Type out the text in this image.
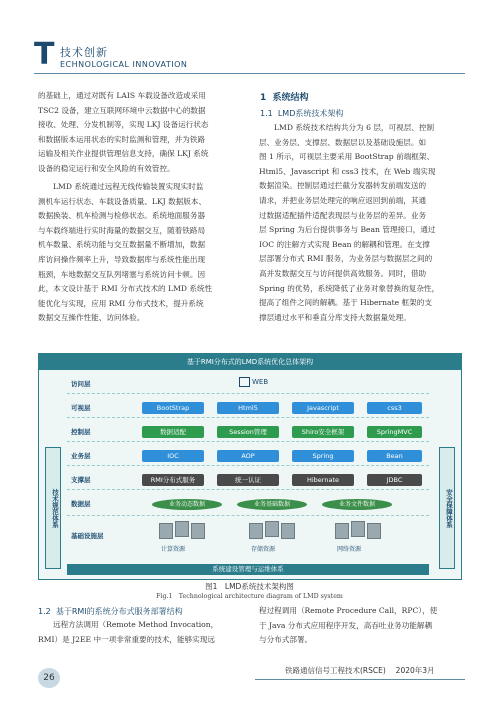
T 技术创新
ECHNOLOGICAL INNOVATION
的基础上，通过对既有 LAIS 车载设备改造或采用
TSC2 设备，建立互联网环境中云数据中心的数据
接收、处理、分发机制等，实现 LKJ 设备运行状态
和数据版本运用状态的实时监测和管理，并为铁路
运输及相关作业提供管理信息支持，确保 LKJ 系统
设备的稳定运行和安全风险的有效管控。
LMD 系统通过远程无线传输装置实现实时监
测机车运行状态、车载设备质量、LKJ 数据版本、
数据换装、机车检测与检修状态。系统地面服务器
与车载终端进行实时海量的数据交互，随着铁路局
机车数量、系统功能与交互数据量不断增加，数据
库访问操作频率上升，导致数据库与系统性能出现
瓶颈，车地数据交互队列堵塞与系统访问卡顿。因
此，本文设计基于 RMI 分布式技术的 LMD 系统性
能优化与实现，应用 RMI 分布式技术，提升系统
数据交互操作性能、访问体验。
1 系统结构
1.1 LMD系统技术架构
LMD 系统技术结构共分为 6 层，可视层、控制
层、业务层、支撑层、数据层以及基础设施层。如
图 1 所示，可视层主要采用 BootStrap 前端框架、
Html5、Javascript 和 css3 技术，在 Web 端实现
数据渲染。控制层通过拦截分发器转发前端发送的
请求，并把业务层处理完的响应返回到前端，其通
过数据适配插件适配表现层与业务层的差异。业务
层 Spring 为后台提供事务与 Bean 管理接口，通过
IOC 的注解方式实现 Bean 的解耦和管理。在支撑
层部署分布式 RMI 服务，为业务层与数据层之间的
高并发数据交互与访问提供高效服务。同时，借助
Spring 的优势，系统降低了业务对象替换的复杂性，
提高了组件之间的解耦。基于 Hibernate 框架的支
撑层通过水平和垂直分库支持大数据量处理。
基于RMI分布式的LMD系统优化总体架构
技术规范体系	安全保障体系
访问层	WEB
可视层	BootStrap	Html5	Javascript	css3
控制层	数据适配	Session管理	Shiro安全框架	SpringMVC
业务层	IOC	AOP	Spring	Bean
支撑层	RMI分布式服务	统一认证	Hibernate	JDBC
数据层	业务动态数据	业务基础数据	业务文件数据
基础设施层
计算资源	存储资源	网络资源
系统建设管理与运维体系
图1　LMD系统技术架构图
Fig.1　Technological architecture diagram of LMD system
1.2 基于RMI的系统分布式服务部署结构
远程方法调用（Remote Method Invocation，
RMI）是 J2EE 中一项非常重要的技术，能够实现远
程过程调用（Remote Procedure Call，RPC），使
于 Java 分布式应用程序开发，高吞吐业务功能解耦
与分布式部署。
26
铁路通信信号工程技术(RSCE)　 2020年3月
